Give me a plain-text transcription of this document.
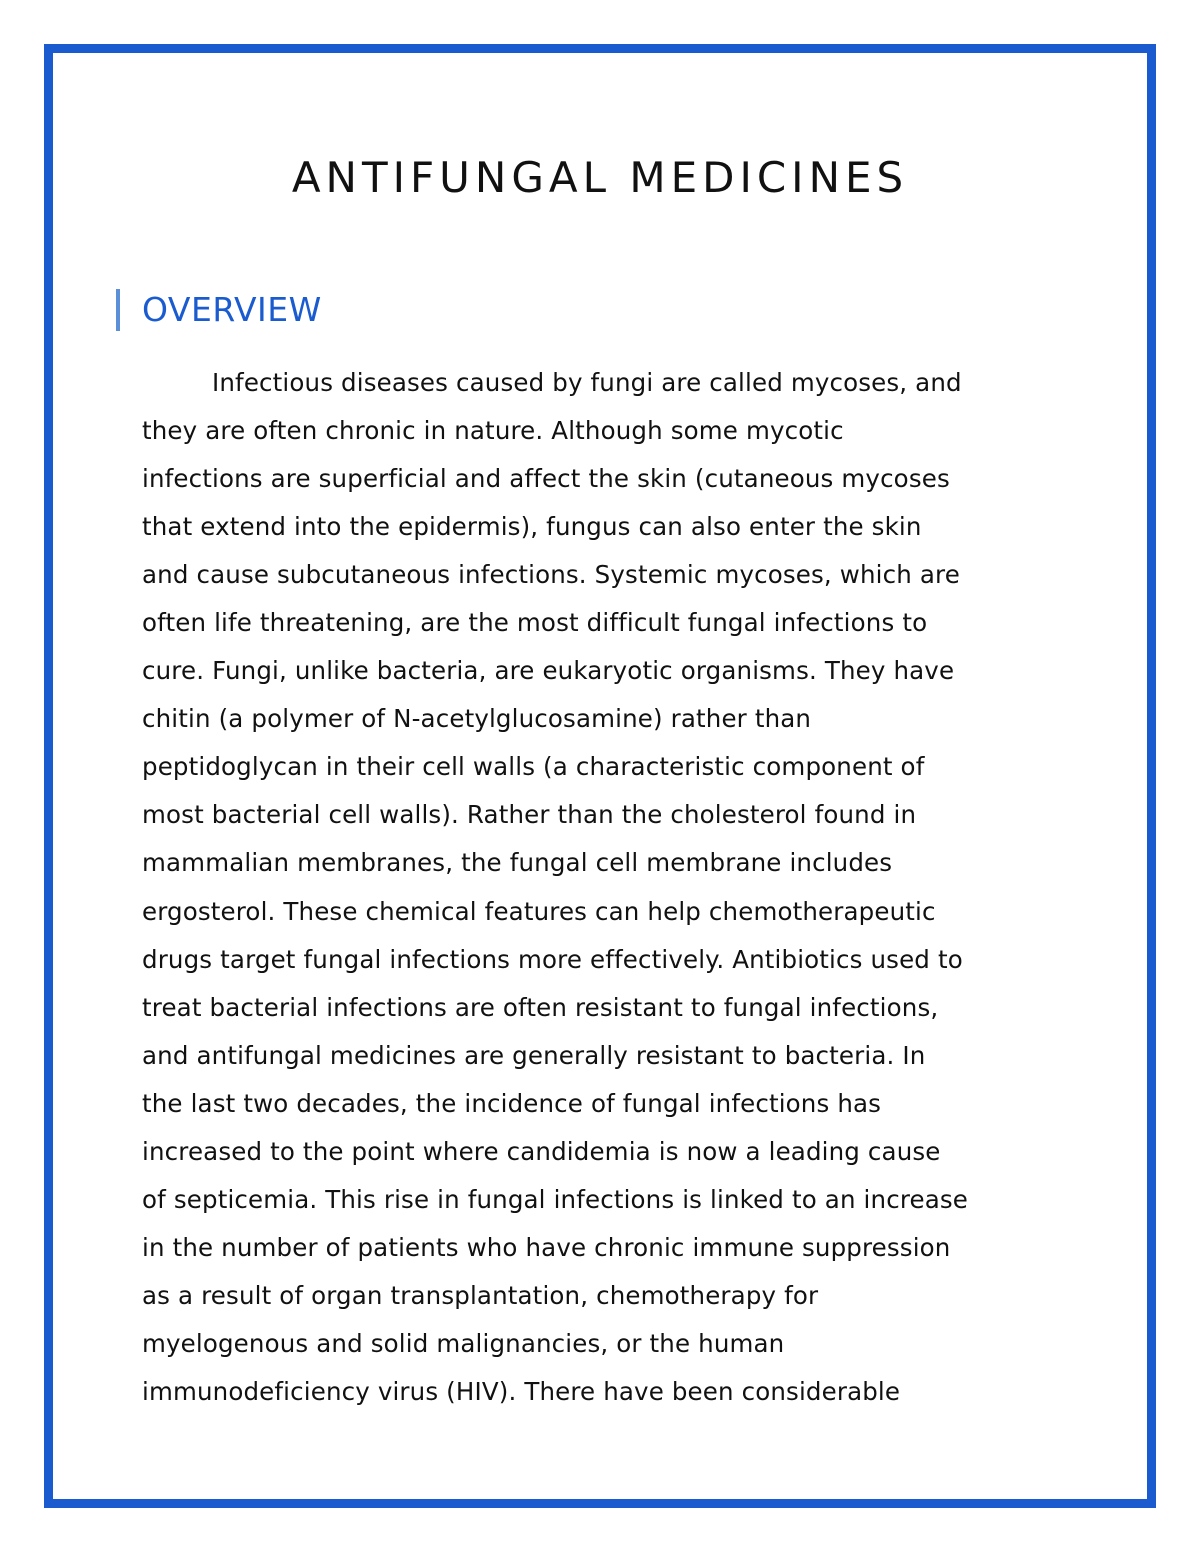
ANTIFUNGAL MEDICINES
OVERVIEW
Infectious diseases caused by fungi are called mycoses, and
they are often chronic in nature. Although some mycotic
infections are superficial and affect the skin (cutaneous mycoses
that extend into the epidermis), fungus can also enter the skin
and cause subcutaneous infections. Systemic mycoses, which are
often life threatening, are the most difficult fungal infections to
cure. Fungi, unlike bacteria, are eukaryotic organisms. They have
chitin (a polymer of N-acetylglucosamine) rather than
peptidoglycan in their cell walls (a characteristic component of
most bacterial cell walls). Rather than the cholesterol found in
mammalian membranes, the fungal cell membrane includes
ergosterol. These chemical features can help chemotherapeutic
drugs target fungal infections more effectively. Antibiotics used to
treat bacterial infections are often resistant to fungal infections,
and antifungal medicines are generally resistant to bacteria. In
the last two decades, the incidence of fungal infections has
increased to the point where candidemia is now a leading cause
of septicemia. This rise in fungal infections is linked to an increase
in the number of patients who have chronic immune suppression
as a result of organ transplantation, chemotherapy for
myelogenous and solid malignancies, or the human
immunodeficiency virus (HIV). There have been considerable
